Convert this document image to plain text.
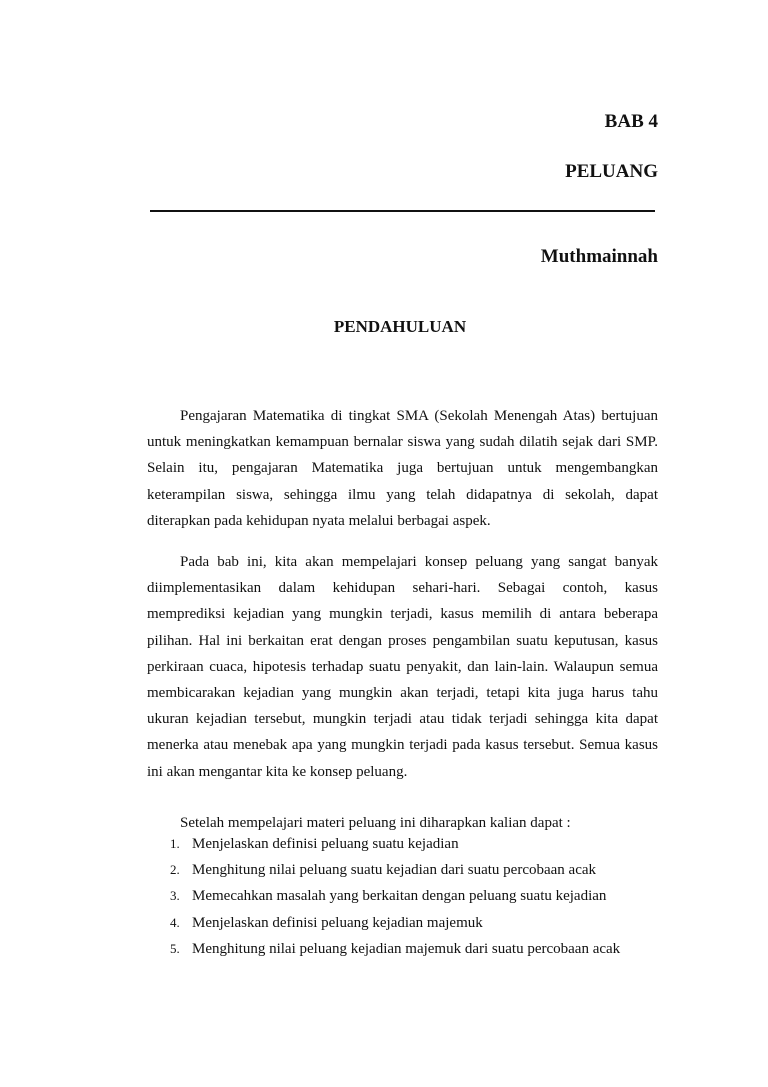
BAB 4
PELUANG
Muthmainnah
PENDAHULUAN

Pengajaran Matematika di tingkat SMA (Sekolah Menengah Atas) bertujuan untuk meningkatkan kemampuan bernalar siswa yang sudah dilatih sejak dari SMP. Selain itu, pengajaran Matematika juga bertujuan untuk mengembangkan keterampilan siswa, sehingga ilmu yang telah didapatnya di sekolah, dapat diterapkan pada kehidupan nyata melalui berbagai aspek.

Pada bab ini, kita akan mempelajari konsep peluang yang sangat banyak diimplementasikan dalam kehidupan sehari-hari. Sebagai contoh, kasus memprediksi kejadian yang mungkin terjadi, kasus memilih di antara beberapa pilihan. Hal ini berkaitan erat dengan proses pengambilan suatu keputusan, kasus perkiraan cuaca, hipotesis terhadap suatu penyakit, dan lain-lain. Walaupun semua membicarakan kejadian yang mungkin akan terjadi, tetapi kita juga harus tahu ukuran kejadian tersebut, mungkin terjadi atau tidak terjadi sehingga kita dapat menerka atau menebak apa yang mungkin terjadi pada kasus tersebut. Semua kasus ini akan mengantar kita ke konsep peluang.

Setelah mempelajari materi peluang ini diharapkan kalian dapat :

1. Menjelaskan definisi peluang suatu kejadian
2. Menghitung nilai peluang suatu kejadian dari suatu percobaan acak
3. Memecahkan masalah yang berkaitan dengan peluang suatu kejadian
4. Menjelaskan definisi peluang kejadian majemuk
5. Menghitung nilai peluang kejadian majemuk dari suatu percobaan acak
